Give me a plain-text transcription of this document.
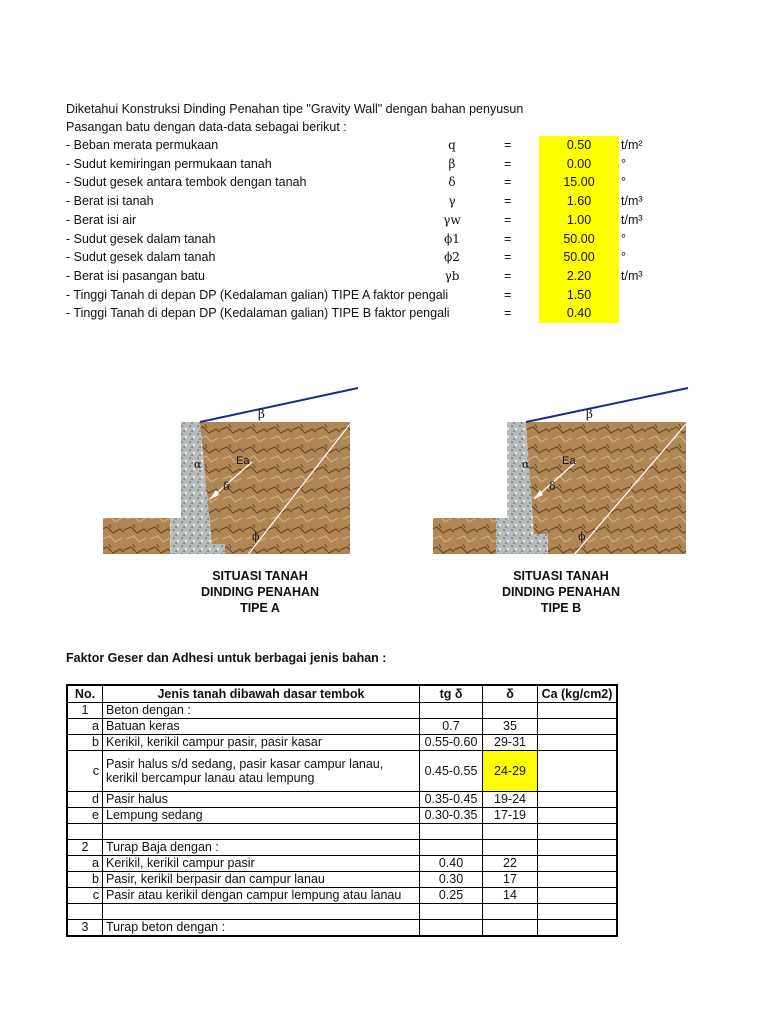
Diketahui Konstruksi Dinding Penahan tipe "Gravity Wall" dengan bahan penyusun
Pasangan batu dengan data-data sebagai berikut :
- Beban merata permukaan	q	=	0.50	t/m²
- Sudut kemiringan permukaan tanah	β	=	0.00	°
- Sudut gesek antara tembok dengan tanah	δ	=	15.00	°
- Berat isi tanah	γ	=	1.60	t/m³
- Berat isi air	γw	=	1.00	t/m³
- Sudut gesek dalam tanah	ϕ1	=	50.00	°
- Sudut gesek dalam tanah	ϕ2	=	50.00	°
- Berat isi pasangan batu	γb	=	2.20	t/m³
- Tinggi Tanah di depan DP (Kedalaman galian) TIPE A faktor pengali	=	1.50
- Tinggi Tanah di depan DP (Kedalaman galian) TIPE B faktor pengali	=	0.40
β
α	Ea
δ
ϕ
β
α	Ea
δ
ϕ
SITUASI TANAH
DINDING PENAHAN
TIPE A
SITUASI TANAH
DINDING PENAHAN
TIPE B
Faktor Geser dan Adhesi untuk berbagai jenis bahan :
No.	Jenis tanah dibawah dasar tembok	tg δ	δ	Ca (kg/cm2)
1	Beton dengan :			
a	Batuan keras	0.7	35	
b	Kerikil, kerikil campur pasir, pasir kasar	0.55-0.60	29-31	
c	Pasir halus s/d sedang, pasir kasar campur lanau,
kerikil bercampur lanau atau lempung	0.45-0.55	24-29	
d	Pasir halus	0.35-0.45	19-24	
e	Lempung sedang	0.30-0.35	17-19	

2	Turap Baja dengan :			
a	Kerikil, kerikil campur pasir	0.40	22	
b	Pasir, kerikil berpasir dan campur lanau	0.30	17	
c	Pasir atau kerikil dengan campur lempung atau lanau	0.25	14	

3	Turap beton dengan :			
